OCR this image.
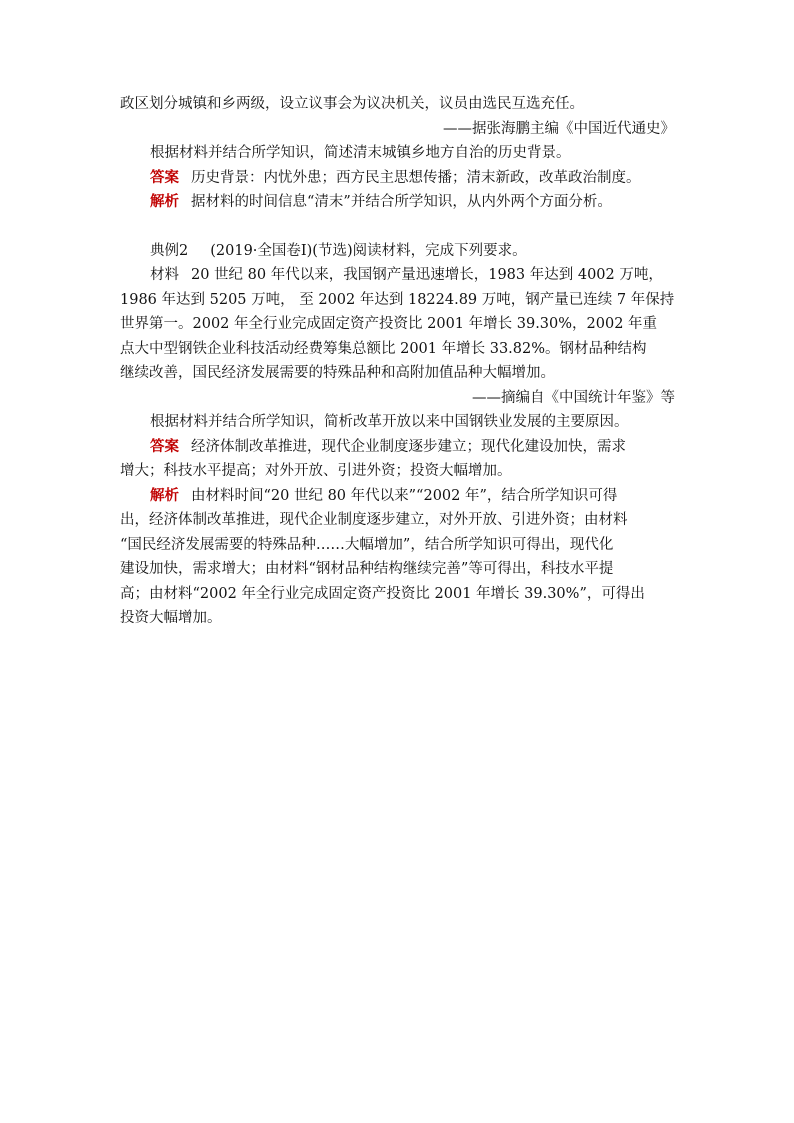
政区划分城镇和乡两级，设立议事会为议决机关，议员由选民互选充任。
——据张海鹏主编《中国近代通史》
根据材料并结合所学知识，简述清末城镇乡地方自治的历史背景。
答案 历史背景：内忧外患；西方民主思想传播；清末新政，改革政治制度。
解析 据材料的时间信息“清末”并结合所学知识，从内外两个方面分析。
典例2 (2019·全国卷Ⅰ)(节选)阅读材料，完成下列要求。
材料 20 世纪 80 年代以来，我国钢产量迅速增长，1983 年达到 4002 万吨，
1986 年达到 5205 万吨， 至 2002 年达到 18224.89 万吨，钢产量已连续 7 年保持
世界第一。2002 年全行业完成固定资产投资比 2001 年增长 39.30%，2002 年重
点大中型钢铁企业科技活动经费筹集总额比 2001 年增长 33.82%。钢材品种结构
继续改善，国民经济发展需要的特殊品种和高附加值品种大幅增加。
——摘编自《中国统计年鉴》等
根据材料并结合所学知识，简析改革开放以来中国钢铁业发展的主要原因。
答案 经济体制改革推进，现代企业制度逐步建立；现代化建设加快，需求
增大；科技水平提高；对外开放、引进外资；投资大幅增加。
解析 由材料时间“20 世纪 80 年代以来”“2002 年”，结合所学知识可得
出，经济体制改革推进，现代企业制度逐步建立，对外开放、引进外资；由材料
“国民经济发展需要的特殊品种……大幅增加”，结合所学知识可得出，现代化
建设加快，需求增大；由材料“钢材品种结构继续完善”等可得出，科技水平提
高；由材料“2002 年全行业完成固定资产投资比 2001 年增长 39.30%”，可得出
投资大幅增加。
